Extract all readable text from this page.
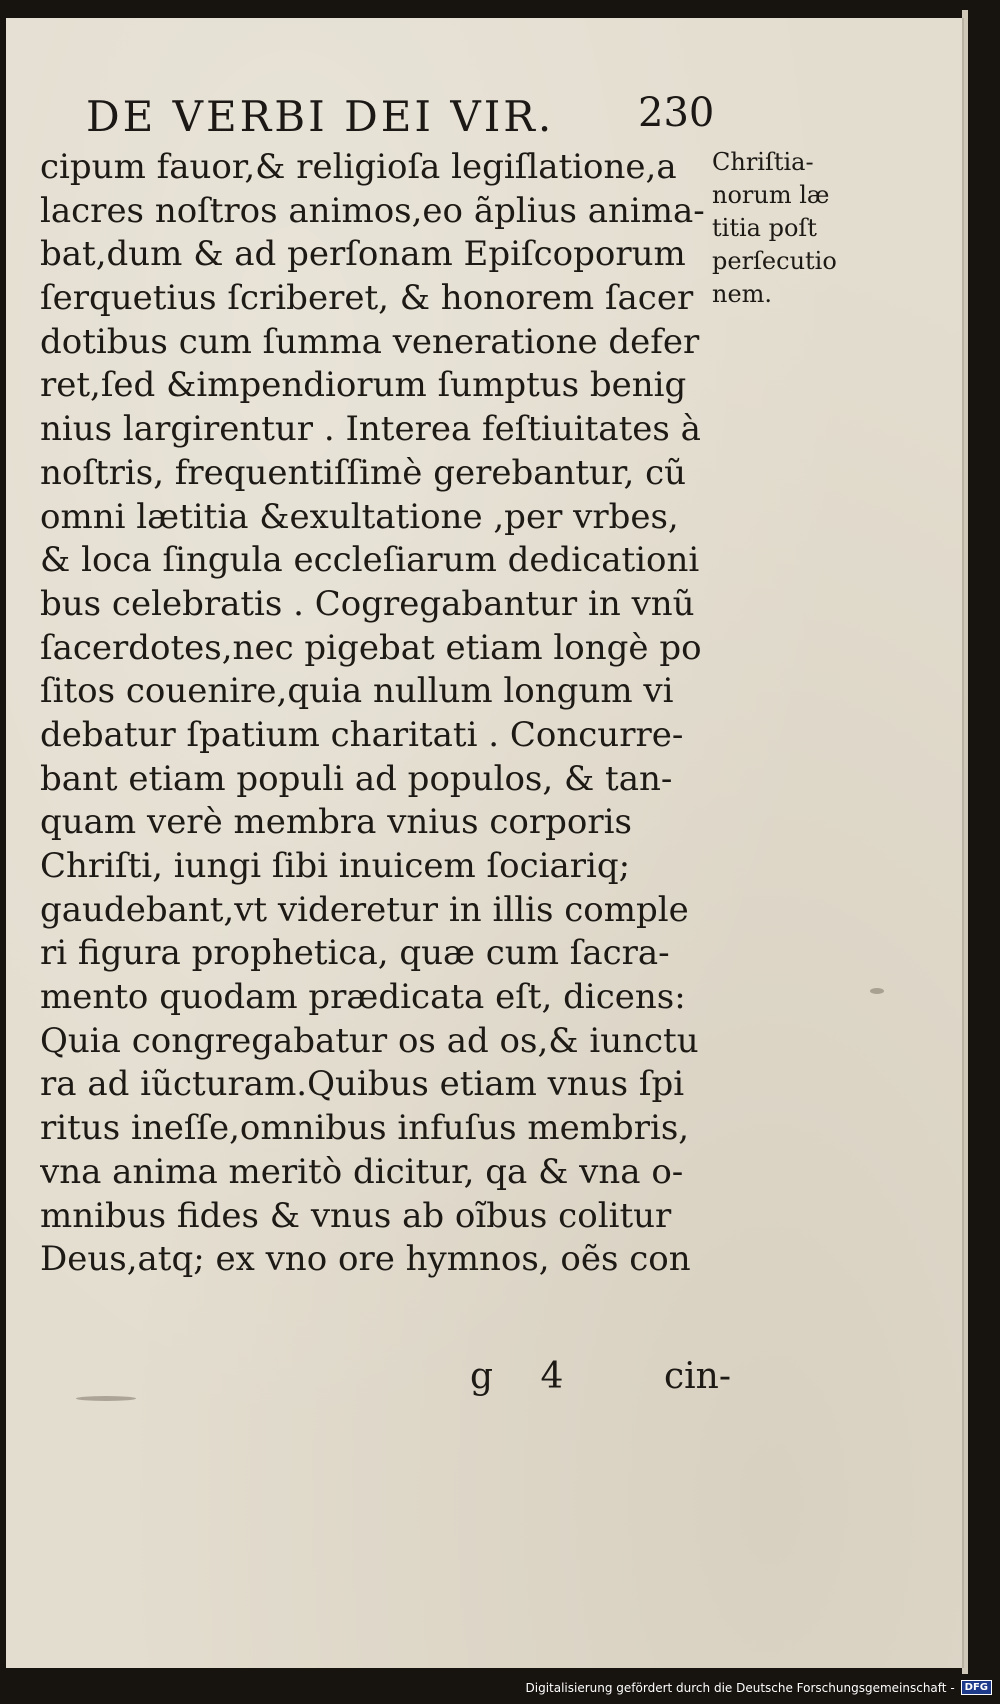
DE VERBI DEI VIR. 230
cipum fauor,& religioſa legiſlatione,a
lacres noſtros animos,eo ãplius anima-
bat,dum & ad perſonam Epiſcoporum
ſerquetius ſcriberet, & honorem ſacer
dotibus cum ſumma veneratione defer
ret,ſed &impendiorum ſumptus benig
nius largirentur . Interea feſtiuitates à
noſtris, frequentiſſimè gerebantur, cũ
omni lætitia &exultatione ,per vrbes,
& loca ſingula eccleſiarum dedicationi
bus celebratis . Cogregabantur in vnũ
ſacerdotes,nec pigebat etiam longè po
ſitos couenire,quia nullum longum vi
debatur ſpatium charitati . Concurre-
bant etiam populi ad populos, & tan-
quam verè membra vnius corporis
Chriſti, iungi ſibi inuicem ſociariq;
gaudebant,vt videretur in illis comple
ri figura prophetica, quæ cum ſacra-
mento quodam prædicata eſt, dicens:
Quia congregabatur os ad os,& iunctu
ra ad iũcturam.Quibus etiam vnus ſpi
ritus ineſſe,omnibus infuſus membris,
vna anima meritò dicitur, qa & vna o-
mnibus fides & vnus ab oĩbus colitur
Deus,atq; ex vno ore hymnos, oẽs con
Chriſtia-
norum læ
titia poſt
perſecutio
nem.
g 4 cin-
Digitalisierung gefördert durch die Deutsche Forschungsgemeinschaft -	DFG
